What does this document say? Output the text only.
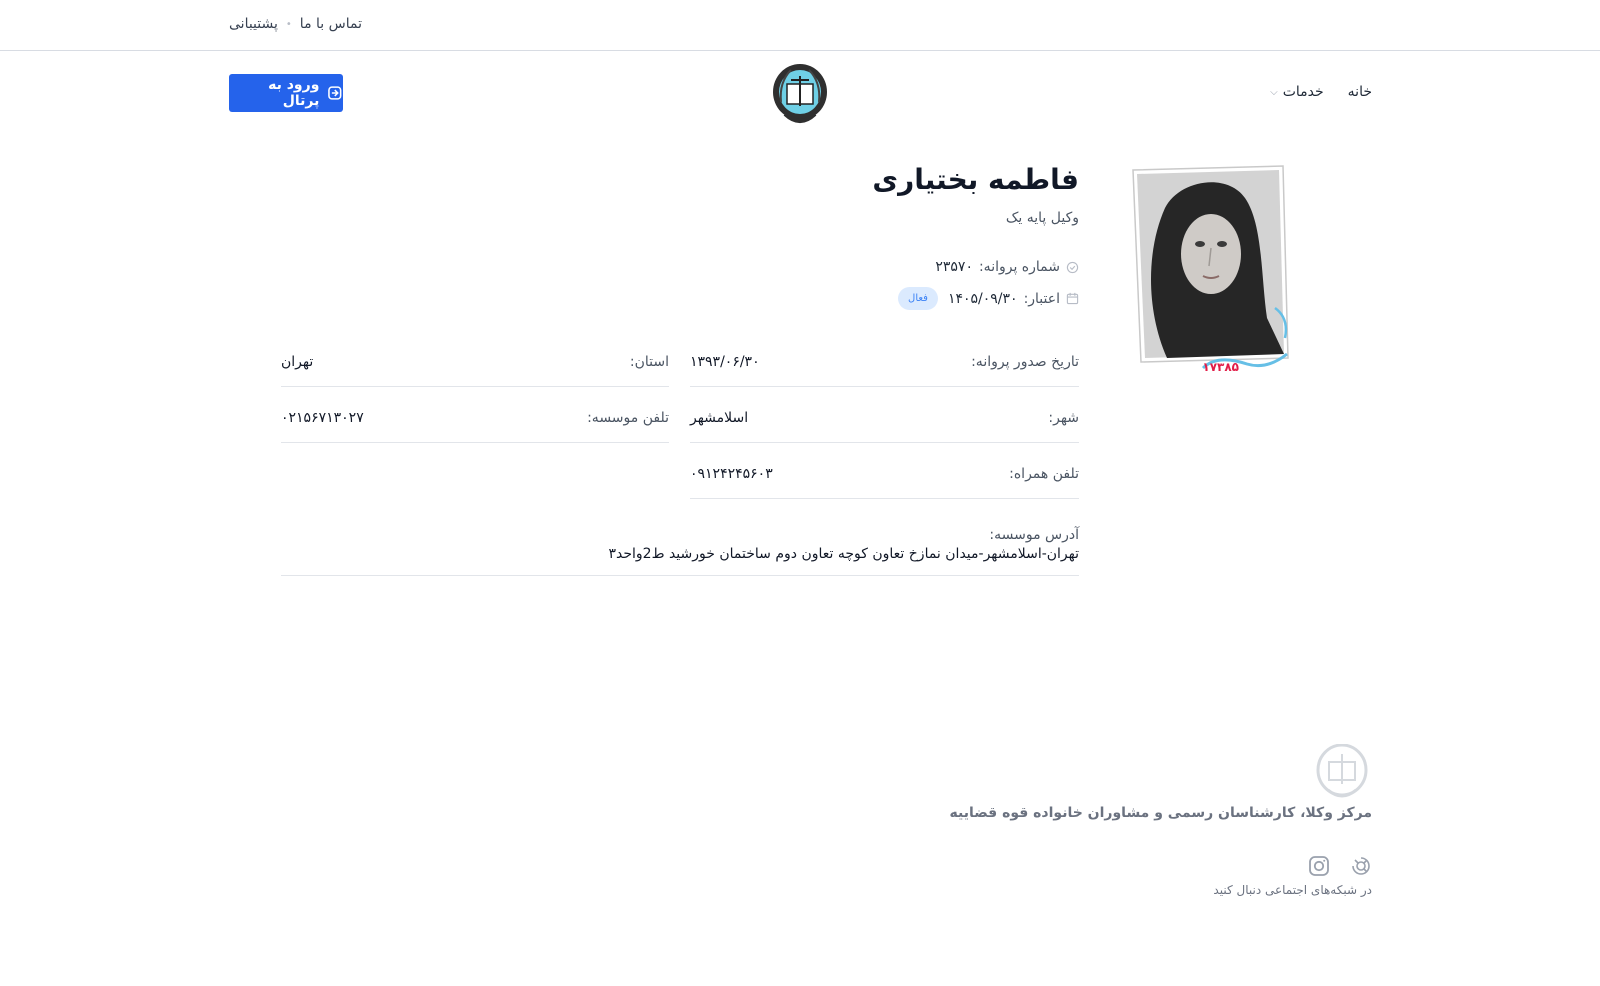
تماس با ما
•
پشتیبانی
خانه
خدمات
⌵
ورود به پرتال
۱۷۳۸۵
فاطمه بختیاری
وکیل پایه یک
شماره پروانه:
۲۳۵۷۰
اعتبار:
۱۴۰۵/۰۹/۳۰
فعال
تاریخ صدور پروانه:
۱۳۹۳/۰۶/۳۰
شهر:
اسلامشهر
تلفن همراه:
۰۹۱۲۴۲۴۵۶۰۳
استان:
تهران
تلفن موسسه:
۰۲۱۵۶۷۱۳۰۲۷
آدرس موسسه:
تهران-اسلامشهر-میدان نمازخ تعاون کوچه تعاون دوم ساختمان خورشید ط2واحد۳
مرکز وکلا، کارشناسان رسمی و مشاوران خانواده قوه قضاییه
در شبکه‌های اجتماعی دنبال کنید
